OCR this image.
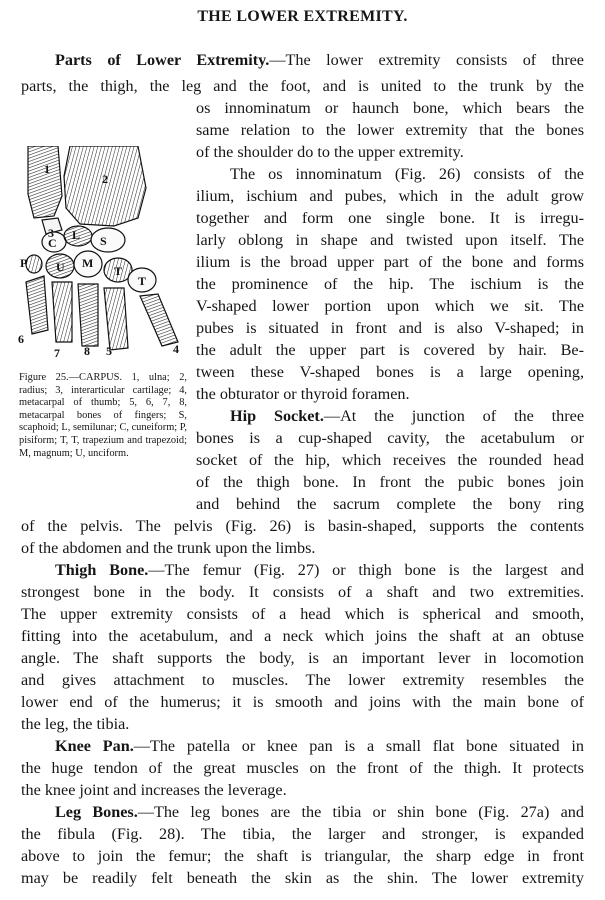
THE LOWER EXTREMITY.
Parts of Lower Extremity.—The lower extremity consists of three
parts, the thigh, the leg and the foot, and is united to the trunk by the
os innominatum or haunch bone, which bears the
same relation to the lower extremity that the bones
of the shoulder do to the upper extremity.
The os innominatum (Fig. 26) consists of the
ilium, ischium and pubes, which in the adult grow
together and form one single bone. It is irregu-
larly oblong in shape and twisted upon itself. The
ilium is the broad upper part of the bone and forms
the prominence of the hip. The ischium is the
V-shaped lower portion upon which we sit. The
pubes is situated in front and is also V-shaped; in
the adult the upper part is covered by hair. Be-
tween these V-shaped bones is a large opening,
the obturator or thyroid foramen.
Hip Socket.—At the junction of the three
bones is a cup-shaped cavity, the acetabulum or
socket of the hip, which receives the rounded head
of the thigh bone. In front the pubic bones join
and behind the sacrum complete the bony ring
of the pelvis. The pelvis (Fig. 26) is basin-shaped, supports the contents
of the abdomen and the trunk upon the limbs.
Thigh Bone.—The femur (Fig. 27) or thigh bone is the largest and
strongest bone in the body. It consists of a shaft and two extremities.
The upper extremity consists of a head which is spherical and smooth,
fitting into the acetabulum, and a neck which joins the shaft at an obtuse
angle. The shaft supports the body, is an important lever in locomotion
and gives attachment to muscles. The lower extremity resembles the
lower end of the humerus; it is smooth and joins with the main bone of
the leg, the tibia.
Knee Pan.—The patella or knee pan is a small flat bone situated in
the huge tendon of the great muscles on the front of the thigh. It protects
the knee joint and increases the leverage.
Leg Bones.—The leg bones are the tibia or shin bone (Fig. 27a) and
the fibula (Fig. 28). The tibia, the larger and stronger, is expanded
above to join the femur; the shaft is triangular, the sharp edge in front
may be readily felt beneath the skin as the shin. The lower extremity
1
2
3
4
5
6
7 8
S
L
C
P
T
T
M
U
Figure 25.—CARPUS. 1, ulna; 2, radius; 3, interarticular cartilage; 4, metacarpal of thumb; 5, 6, 7, 8, metacarpal bones of fingers; S, scaphoid; L, semilunar; C, cuneiform; P, pisiform; T, T, trapezium and trapezoid; M, magnum; U, unciform.
